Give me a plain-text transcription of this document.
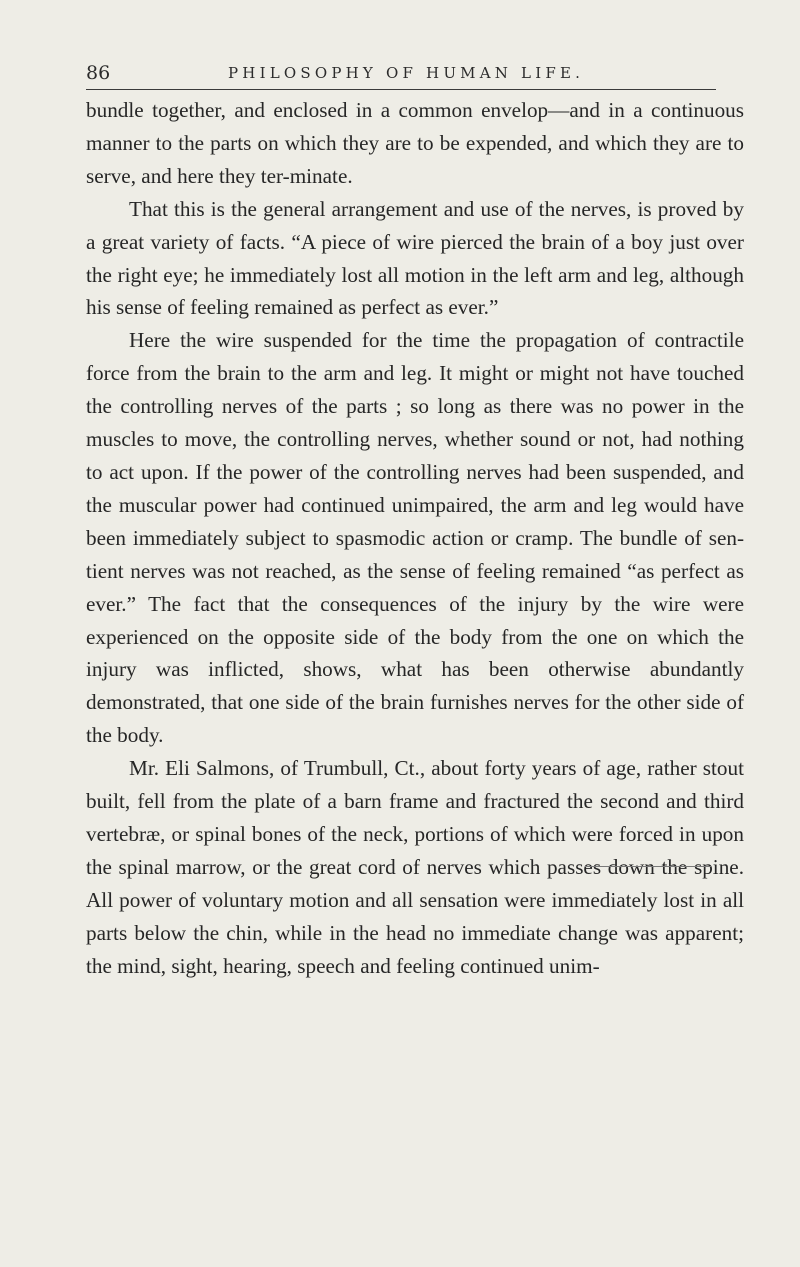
86	PHILOSOPHY OF HUMAN LIFE.

bundle together, and enclosed in a common envelop—and in a continuous manner to the parts on which they are to be expended, and which they are to serve, and here they ter-minate.

That this is the general arrangement and use of the nerves, is proved by a great variety of facts. “A piece of wire pierced the brain of a boy just over the right eye; he immediately lost all motion in the left arm and leg, although his sense of feeling remained as perfect as ever.”

Here the wire suspended for the time the propagation of contractile force from the brain to the arm and leg. It might or might not have touched the controlling nerves of the parts ; so long as there was no power in the muscles to move, the controlling nerves, whether sound or not, had nothing to act upon. If the power of the controlling nerves had been suspended, and the muscular power had continued unimpaired, the arm and leg would have been immediately subject to spasmodic action or cramp. The bundle of sen-tient nerves was not reached, as the sense of feeling remained “as perfect as ever.” The fact that the consequences of the injury by the wire were experienced on the opposite side of the body from the one on which the injury was inflicted, shows, what has been otherwise abundantly demonstrated, that one side of the brain furnishes nerves for the other side of the body.

Mr. Eli Salmons, of Trumbull, Ct., about forty years of age, rather stout built, fell from the plate of a barn frame and fractured the second and third vertebræ, or spinal bones of the neck, portions of which were forced in upon the spinal marrow, or the great cord of nerves which passes down the spine. All power of voluntary motion and all sensation were immediately lost in all parts below the chin, while in the head no immediate change was apparent; the mind, sight, hearing, speech and feeling continued unim-
